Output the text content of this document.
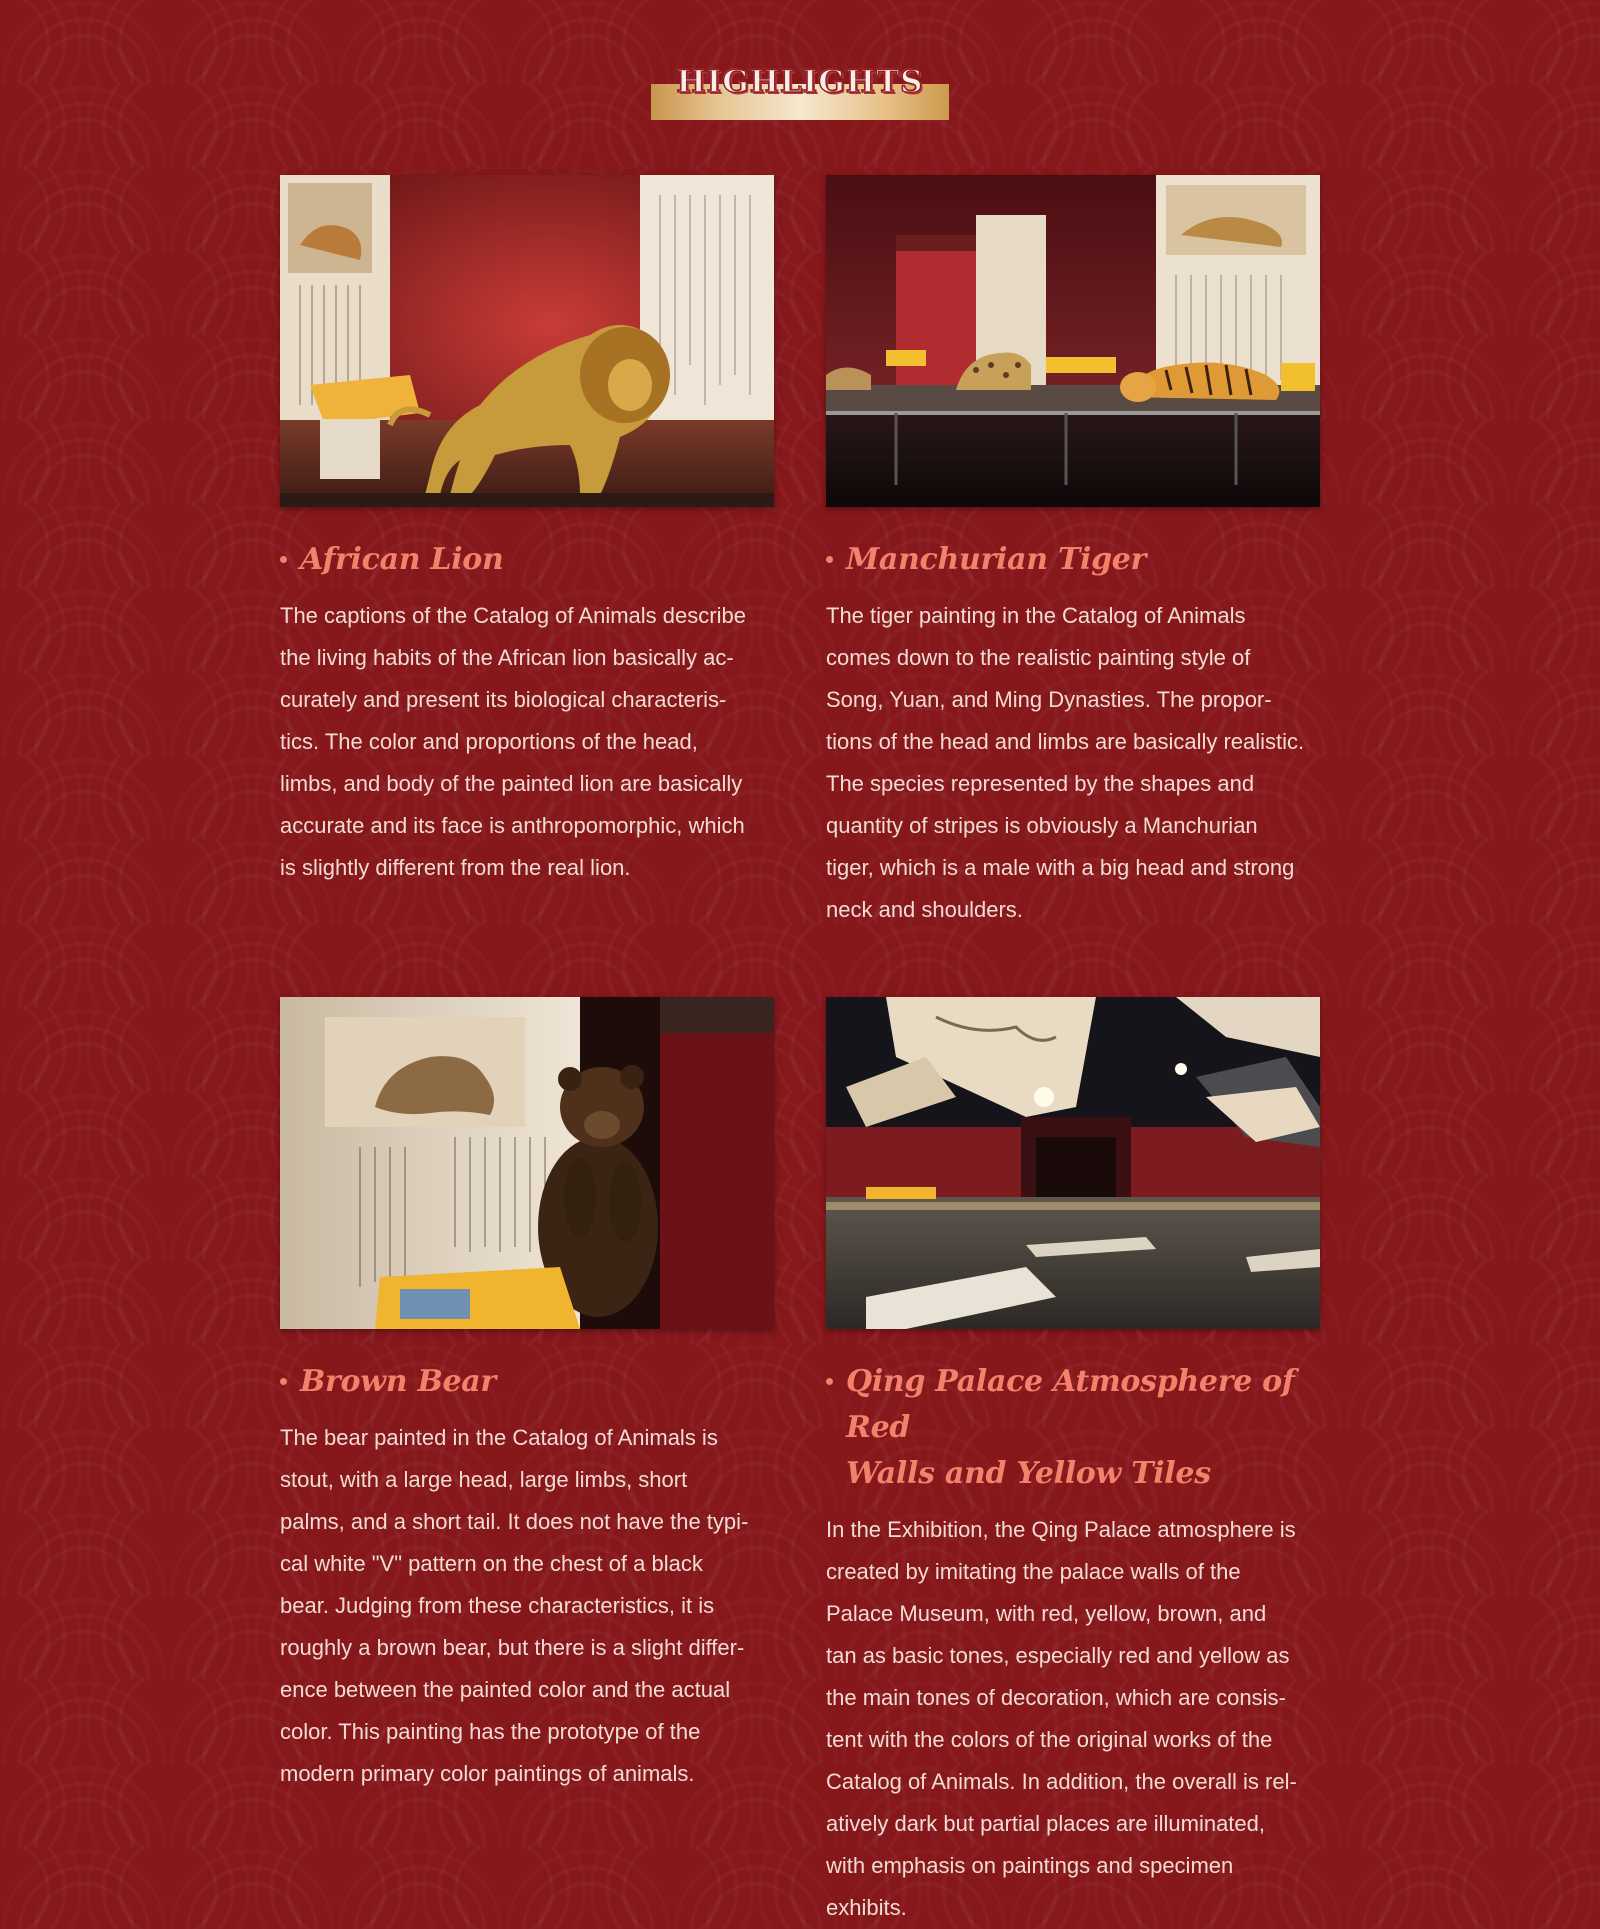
HIGHLIGHTS
African Lion
The captions of the Catalog of Animals describe
the living habits of the African lion basically ac-
curately and present its biological characteris-
tics. The color and proportions of the head,
limbs, and body of the painted lion are basically
accurate and its face is anthropomorphic, which
is slightly different from the real lion.
Manchurian Tiger
The tiger painting in the Catalog of Animals
comes down to the realistic painting style of
Song, Yuan, and Ming Dynasties. The propor-
tions of the head and limbs are basically realistic.
The species represented by the shapes and
quantity of stripes is obviously a Manchurian
tiger, which is a male with a big head and strong
neck and shoulders.
Brown Bear
The bear painted in the Catalog of Animals is
stout, with a large head, large limbs, short
palms, and a short tail. It does not have the typi-
cal white "V" pattern on the chest of a black
bear. Judging from these characteristics, it is
roughly a brown bear, but there is a slight differ-
ence between the painted color and the actual
color. This painting has the prototype of the
modern primary color paintings of animals.
Qing Palace Atmosphere of Red
Walls and Yellow Tiles
In the Exhibition, the Qing Palace atmosphere is
created by imitating the palace walls of the
Palace Museum, with red, yellow, brown, and
tan as basic tones, especially red and yellow as
the main tones of decoration, which are consis-
tent with the colors of the original works of the
Catalog of Animals. In addition, the overall is rel-
atively dark but partial places are illuminated,
with emphasis on paintings and specimen exhibits.
